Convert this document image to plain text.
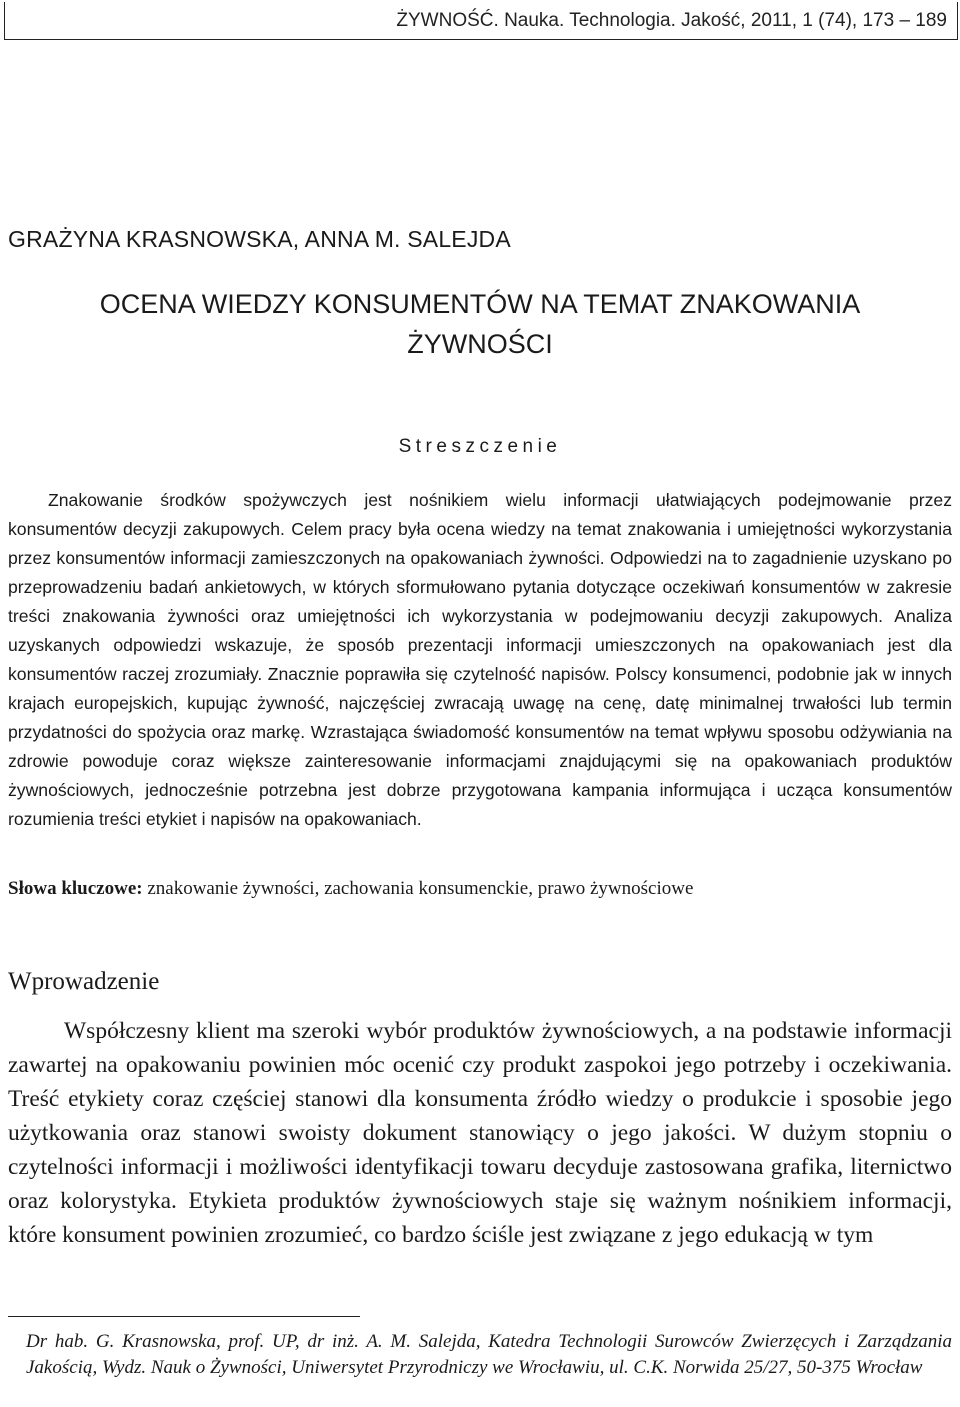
ŻYWNOŚĆ. Nauka. Technologia. Jakość, 2011, 1 (74), 173 – 189
GRAŻYNA KRASNOWSKA, ANNA M. SALEJDA
OCENA WIEDZY KONSUMENTÓW NA TEMAT ZNAKOWANIA
ŻYWNOŚCI
Streszczenie

Znakowanie środków spożywczych jest nośnikiem wielu informacji ułatwiających podejmowanie przez konsumentów decyzji zakupowych. Celem pracy była ocena wiedzy na temat znakowania i umiejętności wykorzystania przez konsumentów informacji zamieszczonych na opakowaniach żywności. Odpowiedzi na to zagadnienie uzyskano po przeprowadzeniu badań ankietowych, w których sformułowano pytania dotyczące oczekiwań konsumentów w zakresie treści znakowania żywności oraz umiejętności ich wykorzystania w podejmowaniu decyzji zakupowych. Analiza uzyskanych odpowiedzi wskazuje, że sposób prezentacji informacji umieszczonych na opakowaniach jest dla konsumentów raczej zrozumiały. Znacznie poprawiła się czytelność napisów. Polscy konsumenci, podobnie jak w innych krajach europejskich, kupując żywność, najczęściej zwracają uwagę na cenę, datę minimalnej trwałości lub termin przydatności do spożycia oraz markę. Wzrastająca świadomość konsumentów na temat wpływu sposobu odżywiania na zdrowie powoduje coraz większe zainteresowanie informacjami znajdującymi się na opakowaniach produktów żywnościowych, jednocześnie potrzebna jest dobrze przygotowana kampania informująca i ucząca konsumentów rozumienia treści etykiet i napisów na opakowaniach.

Słowa kluczowe: znakowanie żywności, zachowania konsumenckie, prawo żywnościowe
Wprowadzenie

Współczesny klient ma szeroki wybór produktów żywnościowych, a na podstawie informacji zawartej na opakowaniu powinien móc ocenić czy produkt zaspokoi jego potrzeby i oczekiwania. Treść etykiety coraz częściej stanowi dla konsumenta źródło wiedzy o produkcie i sposobie jego użytkowania oraz stanowi swoisty dokument stanowiący o jego jakości. W dużym stopniu o czytelności informacji i możliwości identyfikacji towaru decyduje zastosowana grafika, liternictwo oraz kolorystyka. Etykieta produktów żywnościowych staje się ważnym nośnikiem informacji, które konsument powinien zrozumieć, co bardzo ściśle jest związane z jego edukacją w tym

Dr hab. G. Krasnowska, prof. UP, dr inż. A. M. Salejda, Katedra Technologii Surowców Zwierzęcych i Zarządzania Jakością, Wydz. Nauk o Żywności, Uniwersytet Przyrodniczy we Wrocławiu, ul. C.K. Norwida 25/27, 50-375 Wrocław
